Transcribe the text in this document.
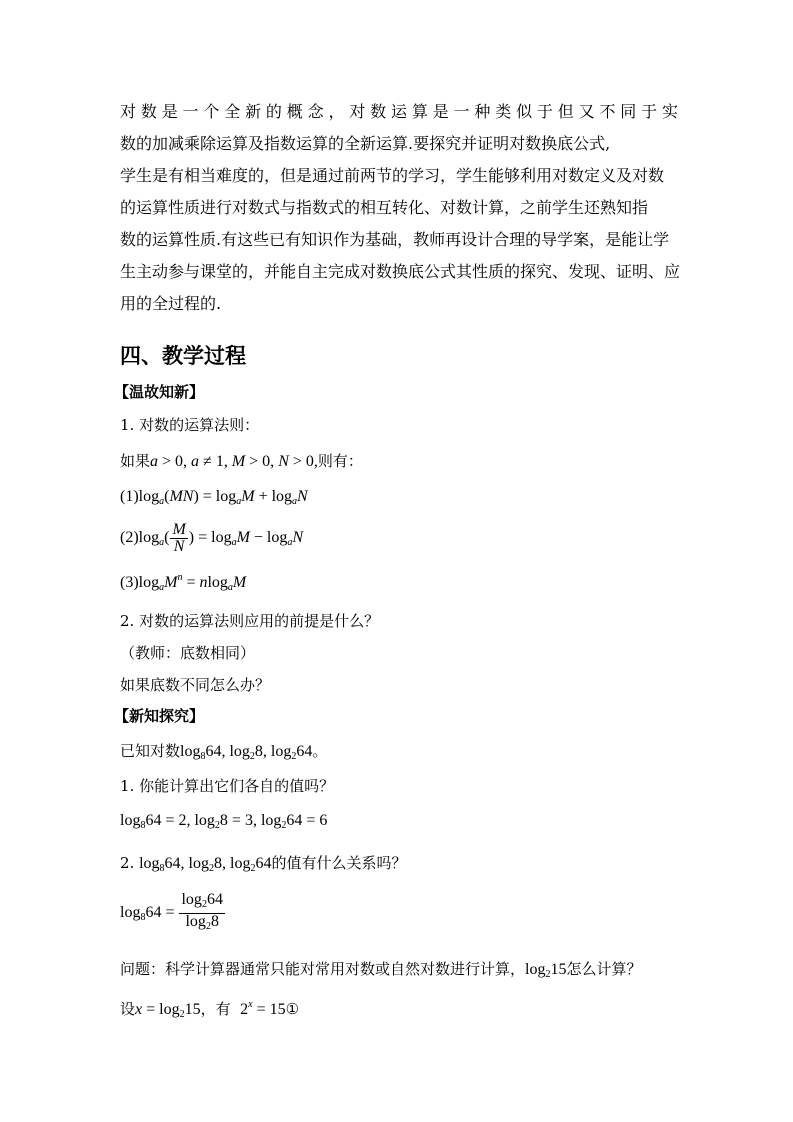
对数是一个全新的概念，对数运算是一种类似于但又不同于实
数的加减乘除运算及指数运算的全新运算.要探究并证明对数换底公式,
学生是有相当难度的，但是通过前两节的学习，学生能够利用对数定义及对数
的运算性质进行对数式与指数式的相互转化、对数计算，之前学生还熟知指
数的运算性质.有这些已有知识作为基础，教师再设计合理的导学案，是能让学
生主动参与课堂的，并能自主完成对数换底公式其性质的探究、发现、证明、应
用的全过程的.
四、教学过程
【温故知新】
1. 对数的运算法则：
如果a > 0, a ≠ 1, M > 0, N > 0,则有：
$(1)\log_a(MN) = \log_aM + \log_aN$
$(2)\log_a( \frac{M}{N}$ ) = $\log_aM - \log_aN$
$(3)\log_aM^n = nlog_aM$
2. 对数的运算法则应用的前提是什么？
（教师：底数相同）
如果底数不同怎么办？
【新知探究】
已知对数$\log_864$, $\log_28$, $\log_264$。
1. 你能计算出它们各自的值吗？
$\log_864 = 2$, $\log_28 = 3$, $\log_264 = 6$
2. $\log_864$, $\log_28$, $\log_264$的值有什么关系吗？
$\log_864 = \frac{\log_264}{\log_28}$
问题：科学计算器通常只能对常用对数或自然对数进行计算，$\log_215$怎么计算？
设$x = \log_215$，有 $2^x$ = 15①
